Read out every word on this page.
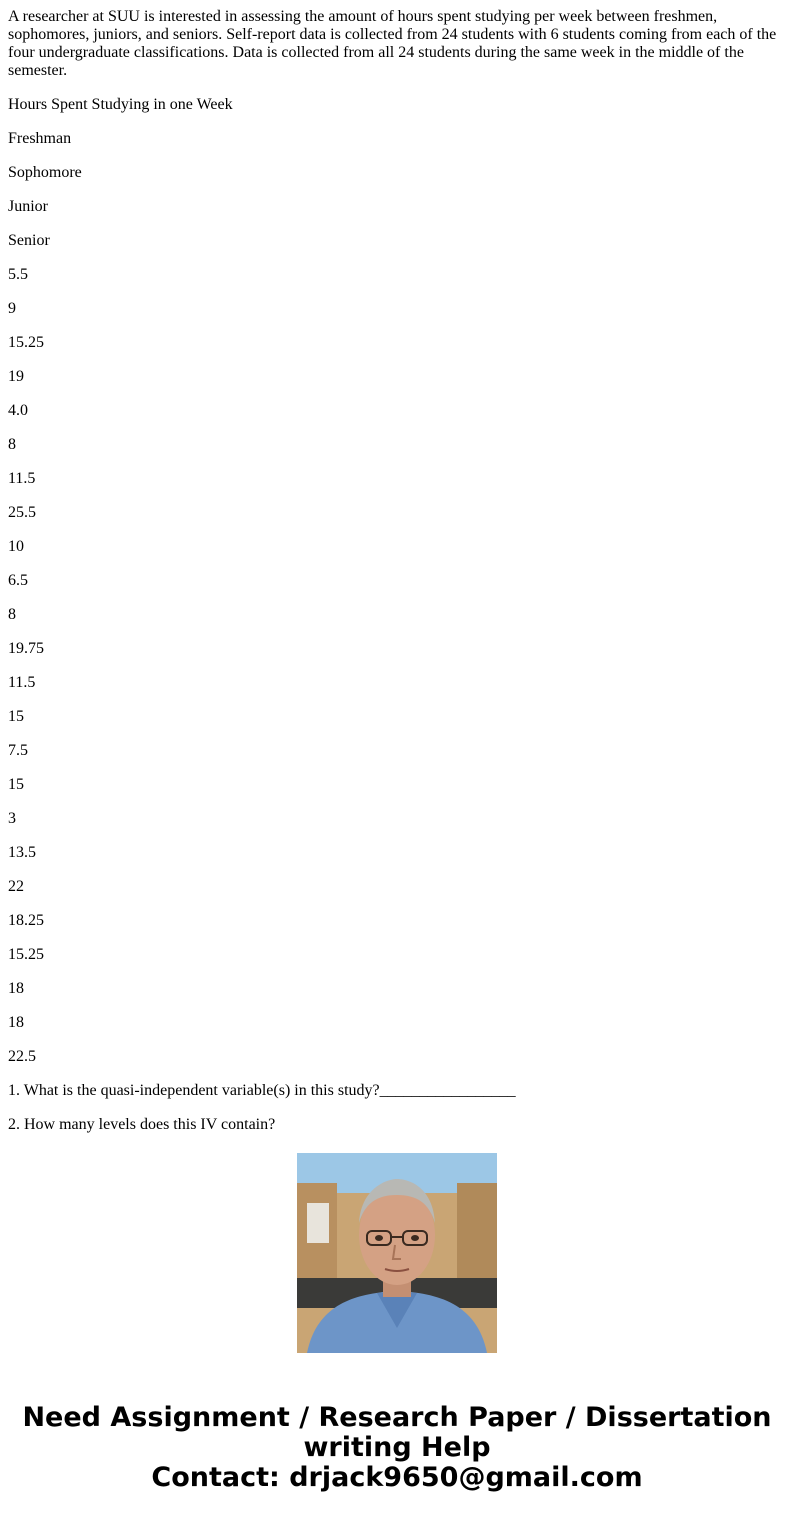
A researcher at SUU is interested in assessing the amount of hours spent studying per week between freshmen, sophomores, juniors, and seniors. Self-report data is collected from 24 students with 6 students coming from each of the four undergraduate classifications. Data is collected from all 24 students during the same week in the middle of the semester.

Hours Spent Studying in one Week

Freshman

Sophomore

Junior

Senior

5.5

9

15.25

19

4.0

8

11.5

25.5

10

6.5

8

19.75

11.5

15

7.5

15

3

13.5

22

18.25

15.25

18

18

22.5

1. What is the quasi-independent variable(s) in this study?_________________

2. How many levels does this IV contain?

Need Assignment / Research Paper / Dissertation
writing Help
Contact: drjack9650@gmail.com
